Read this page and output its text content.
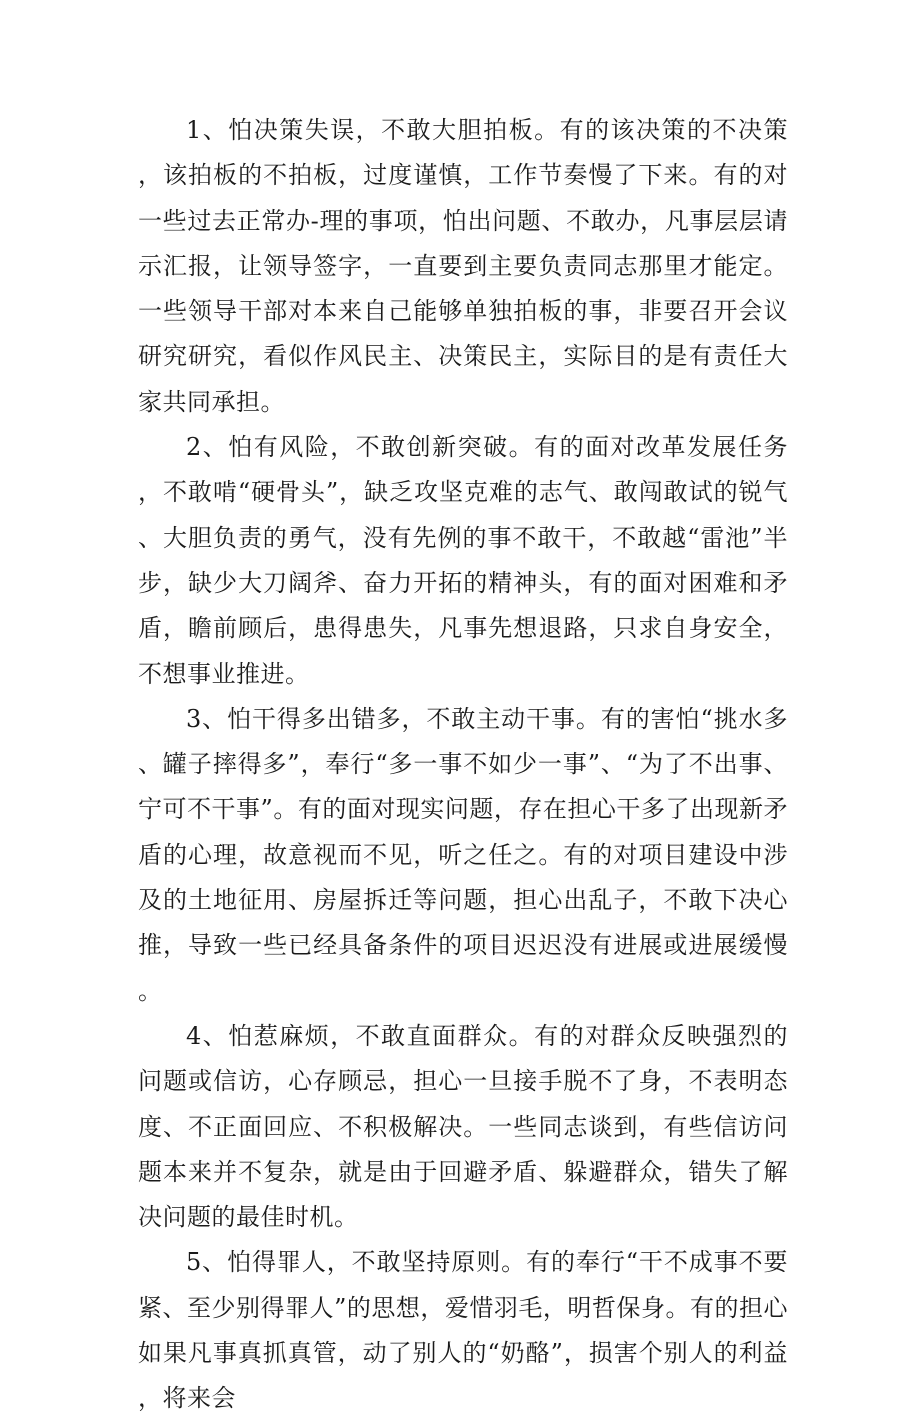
1、怕决策失误，不敢大胆拍板。有的该决策的不决策，该拍板的不拍板，过度谨慎，工作节奏慢了下来。有的对一些过去正常办-理的事项，怕出问题、不敢办，凡事层层请示汇报，让领导签字，一直要到主要负责同志那里才能定。一些领导干部对本来自己能够单独拍板的事，非要召开会议研究研究，看似作风民主、决策民主，实际目的是有责任大家共同承担。

2、怕有风险，不敢创新突破。有的面对改革发展任务，不敢啃“硬骨头”，缺乏攻坚克难的志气、敢闯敢试的锐气、大胆负责的勇气，没有先例的事不敢干，不敢越“雷池”半步，缺少大刀阔斧、奋力开拓的精神头，有的面对困难和矛盾，瞻前顾后，患得患失，凡事先想退路，只求自身安全，不想事业推进。

3、怕干得多出错多，不敢主动干事。有的害怕“挑水多、罐子摔得多”，奉行“多一事不如少一事”、“为了不出事、宁可不干事”。有的面对现实问题，存在担心干多了出现新矛盾的心理，故意视而不见，听之任之。有的对项目建设中涉及的土地征用、房屋拆迁等问题，担心出乱子，不敢下决心推，导致一些已经具备条件的项目迟迟没有进展或进展缓慢。

4、怕惹麻烦，不敢直面群众。有的对群众反映强烈的问题或信访，心存顾忌，担心一旦接手脱不了身，不表明态度、不正面回应、不积极解决。一些同志谈到，有些信访问题本来并不复杂，就是由于回避矛盾、躲避群众，错失了解决问题的最佳时机。

5、怕得罪人，不敢坚持原则。有的奉行“干不成事不要紧、至少别得罪人”的思想，爱惜羽毛，明哲保身。有的担心如果凡事真抓真管，动了别人的“奶酪”，损害个别人的利益，将来会
